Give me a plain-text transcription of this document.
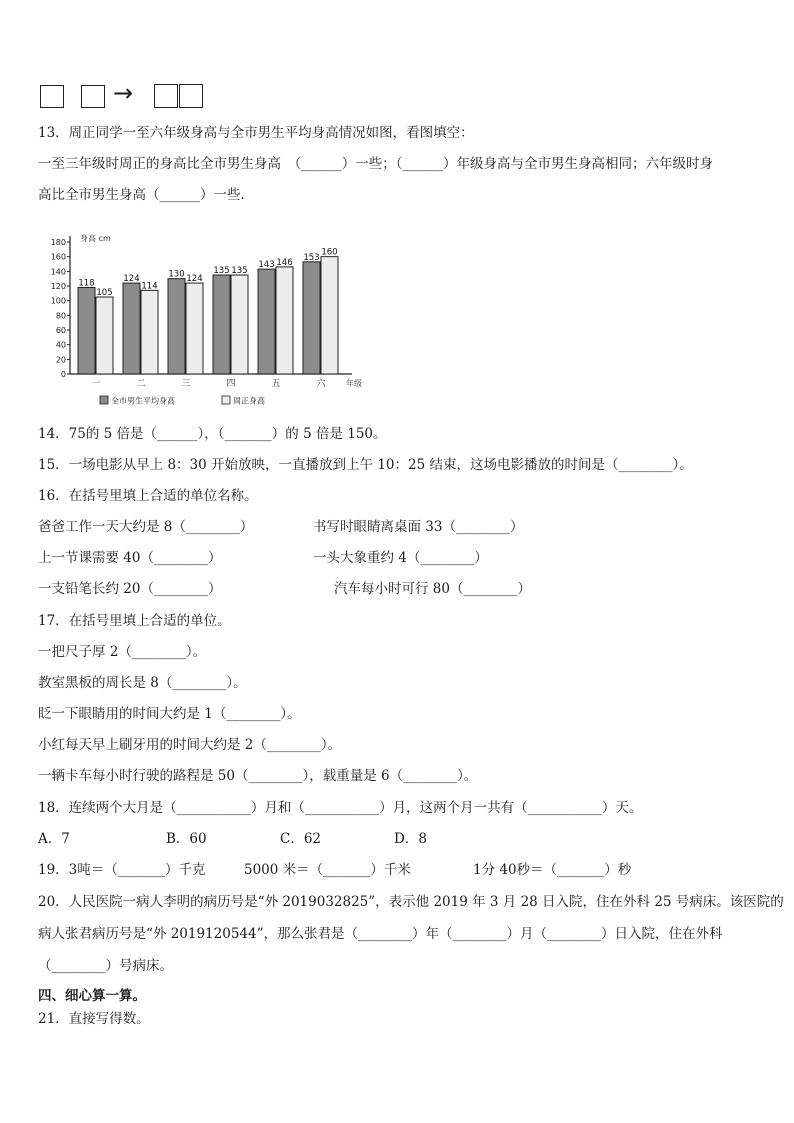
→
13．周正同学一至六年级身高与全市男生平均身高情况如图，看图填空：
一至三年级时周正的身高比全市男生身高　（______）一些；（______）年级身高与全市男生身高相同；六年级时身
高比全市男生身高（______）一些．
0
20
40
60
80
100
120
140
160
180 身高 cm
118
105
一
124
114
二
130 124
三
135 135
四
143 146
五
153
160
六	年级
全市男生平均身高	周正身高
14．75的 5 倍是（______），（_______）的 5 倍是 150。
15．一场电影从早上 8：30 开始放映，一直播放到上午 10：25 结束，这场电影播放的时间是（________）。
16．在括号里填上合适的单位名称。
爸爸工作一天大约是 8（________）	书写时眼睛离桌面 33（________）
上一节课需要 40（________）	一头大象重约 4（________）
一支铅笔长约 20（________）	汽车每小时可行 80（________）
17．在括号里填上合适的单位。
一把尺子厚 2（________）。
教室黑板的周长是 8（________）。
眨一下眼睛用的时间大约是 1（________）。
小红每天早上刷牙用的时间大约是 2（________）。
一辆卡车每小时行驶的路程是 50（________），载重量是 6（________）。
18．连续两个大月是（___________）月和（___________）月，这两个月一共有（___________）天。
A．7	B．60	C．62	D．8
19．3吨＝（_______）千克	5000 米＝（_______）千米	1分 40秒＝（_______）秒
20．人民医院一病人李明的病历号是“外 2019032825”，表示他 2019 年 3 月 28 日入院，住在外科 25 号病床。该医院的
病人张君病历号是“外 2019120544”，那么张君是（________）年（________）月（________）日入院，住在外科
（________）号病床。
四、细心算一算。
21．直接写得数。
